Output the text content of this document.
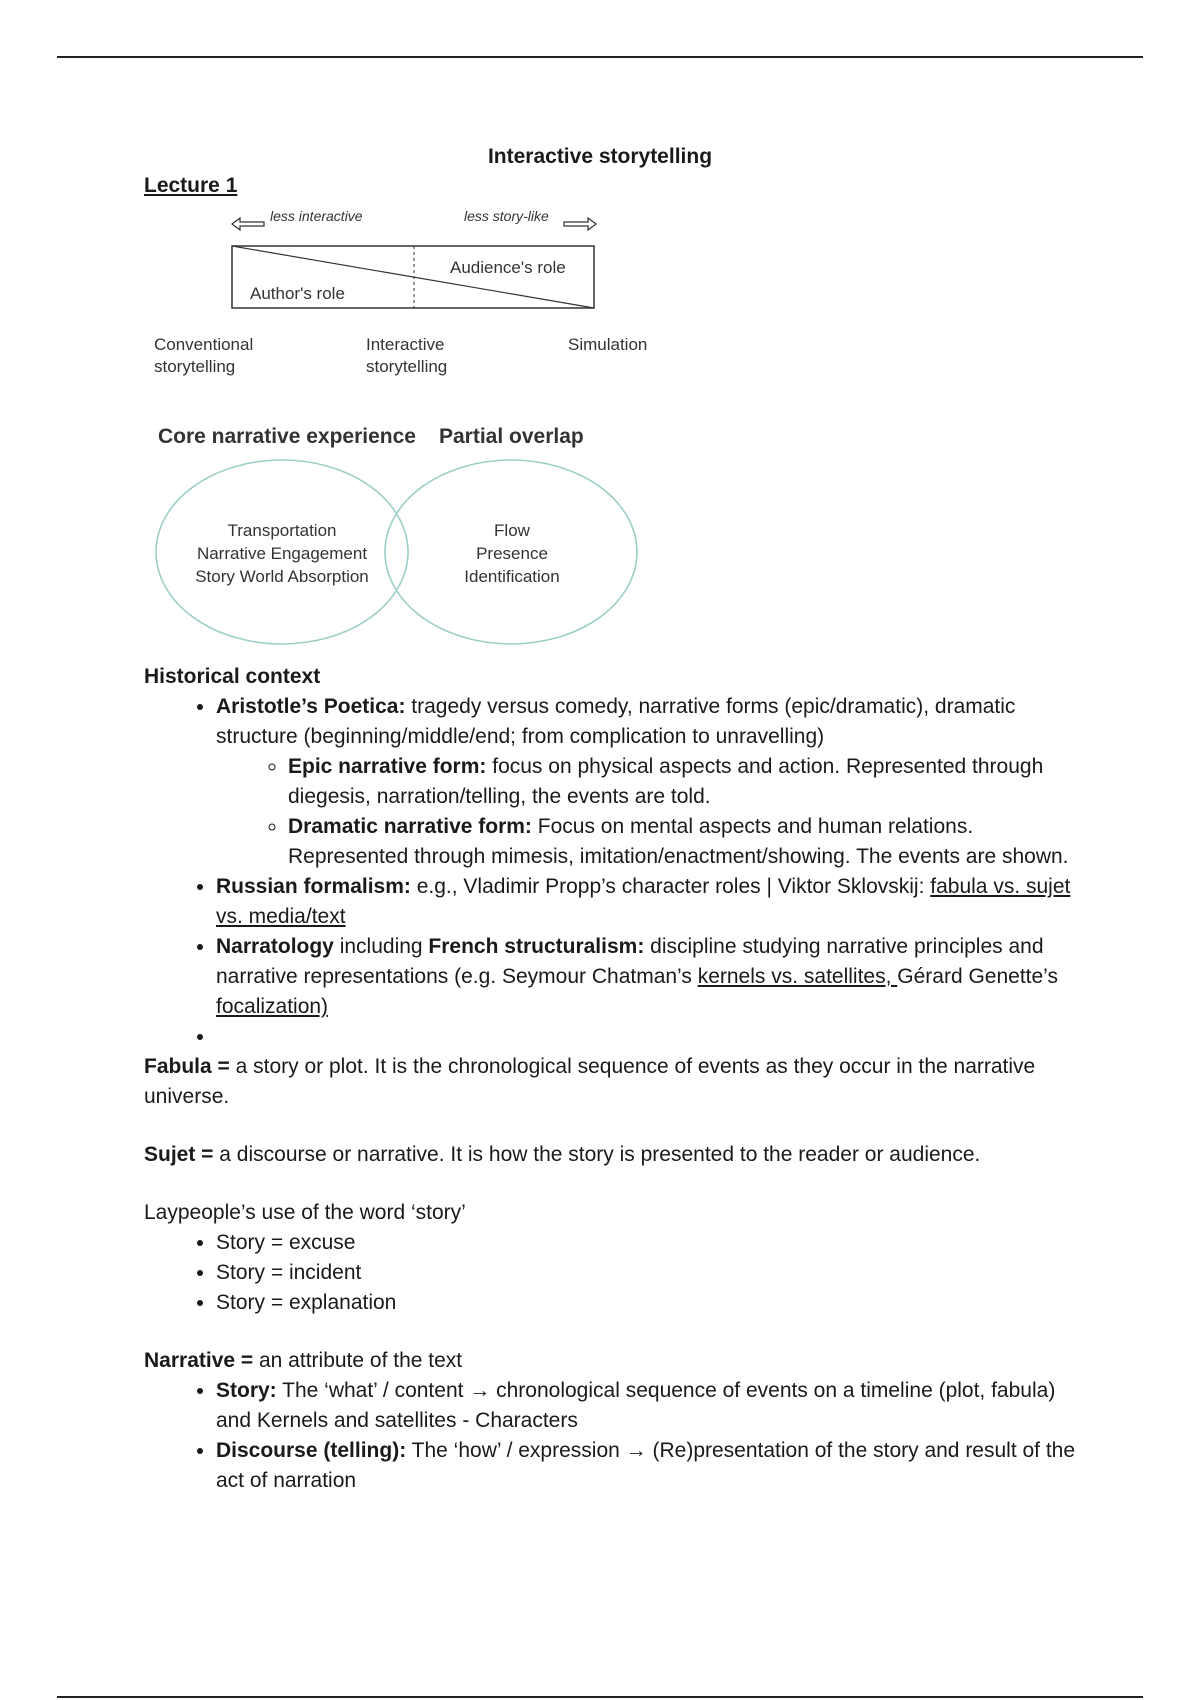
Interactive storytelling
Lecture 1
less interactive	less story-like
Audience's role
Author's role
Conventional
storytelling
Interactive
storytelling
Simulation
Core narrative experience Partial overlap
Transportation
Narrative Engagement
Story World Absorption
Flow
Presence
Identification
Historical context
• Aristotle’s Poetica: tragedy versus comedy, narrative forms (epic/dramatic), dramatic structure (beginning/middle/end; from complication to unravelling)
◦ Epic narrative form: focus on physical aspects and action. Represented through diegesis, narration/telling, the events are told.
◦ Dramatic narrative form: Focus on mental aspects and human relations. Represented through mimesis, imitation/enactment/showing. The events are shown.
• Russian formalism: e.g., Vladimir Propp’s character roles | Viktor Sklovskij: fabula vs. sujet vs. media/text
• Narratology including French structuralism: discipline studying narrative principles and narrative representations (e.g. Seymour Chatman’s kernels vs. satellites, Gérard Genette’s focalization)
•

Fabula = a story or plot. It is the chronological sequence of events as they occur in the narrative universe.

Sujet = a discourse or narrative. It is how the story is presented to the reader or audience.

Laypeople’s use of the word ‘story’

• Story = excuse
• Story = incident
• Story = explanation

Narrative = an attribute of the text

• Story: The ‘what’ / content → chronological sequence of events on a timeline (plot, fabula) and Kernels and satellites - Characters
• Discourse (telling): The ‘how’ / expression → (Re)presentation of the story and result of the act of narration
